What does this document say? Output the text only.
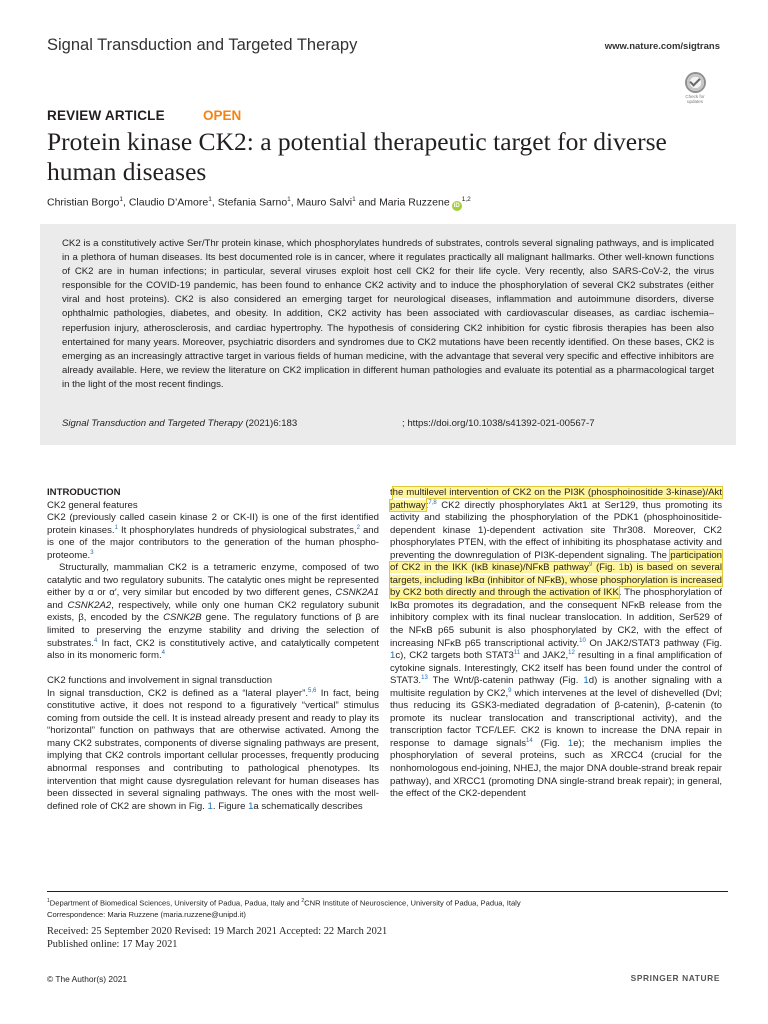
Signal Transduction and Targeted Therapy	www.nature.com/sigtrans
Check for updates
REVIEW ARTICLE	OPEN
Protein kinase CK2: a potential therapeutic target for diverse human diseases
Christian Borgo$^1$, Claudio D’Amore$^1$, Stefania Sarno$^1$, Mauro Salvi$^1$ and Maria Ruzzene iD$^{1,2}$

CK2 is a constitutively active Ser/Thr protein kinase, which phosphorylates hundreds of substrates, controls several signaling pathways, and is implicated in a plethora of human diseases. Its best documented role is in cancer, where it regulates practically all malignant hallmarks. Other well-known functions of CK2 are in human infections; in particular, several viruses exploit host cell CK2 for their life cycle. Very recently, also SARS-CoV-2, the virus responsible for the COVID-19 pandemic, has been found to enhance CK2 activity and to induce the phosphorylation of several CK2 substrates (either viral and host proteins). CK2 is also considered an emerging target for neurological diseases, inflammation and autoimmune disorders, diverse ophthalmic pathologies, diabetes, and obesity. In addition, CK2 activity has been associated with cardiovascular diseases, as cardiac ischemia–reperfusion injury, atherosclerosis, and cardiac hypertrophy. The hypothesis of considering CK2 inhibition for cystic fibrosis therapies has been also entertained for many years. Moreover, psychiatric disorders and syndromes due to CK2 mutations have been recently identified. On these bases, CK2 is emerging as an increasingly attractive target in various fields of human medicine, with the advantage that several very specific and effective inhibitors are already available. Here, we review the literature on CK2 implication in different human pathologies and evaluate its potential as a pharmacological target in the light of the most recent findings.

Signal Transduction and Targeted Therapy (2021)6:183	; https://doi.org/10.1038/s41392-021-00567-7

INTRODUCTION

CK2 general features

CK2 (previously called casein kinase 2 or CK-II) is one of the first identified protein kinases.$^1$ It phosphorylates hundreds of physiological substrates,$^2$ and is one of the major contributors to the generation of the human phospho-proteome.$^3$

Structurally, mammalian CK2 is a tetrameric enzyme, composed of two catalytic and two regulatory subunits. The catalytic ones might be represented either by α or α′, very similar but encoded by two different genes, CSNK2A1 and CSNK2A2, respectively, while only one human CK2 regulatory subunit exists, β, encoded by the CSNK2B gene. The regulatory functions of β are limited to preserving the enzyme stability and driving the selection of substrates.$^4$ In fact, CK2 is constitutively active, and catalytically competent also in its monomeric form.$^4$

CK2 functions and involvement in signal transduction

In signal transduction, CK2 is defined as a “lateral player”.$^{5,6}$ In fact, being constitutive active, it does not respond to a figuratively “vertical” stimulus coming from outside the cell. It is instead already present and ready to play its “horizontal” function on pathways that are otherwise activated. Among the many CK2 substrates, components of diverse signaling pathways are present, implying that CK2 controls important cellular processes, frequently producing abnormal responses and contributing to pathological phenotypes. Its intervention that might cause dysregulation relevant for human diseases has been dissected in several signaling pathways. The ones with the most well-defined role of CK2 are shown in Fig. 1. Figure 1a schematically describes

the multilevel intervention of CK2 on the PI3K (phosphoinositide 3-kinase)/Akt pathway:$^{7,8}$ CK2 directly phosphorylates Akt1 at Ser129, thus promoting its activity and stabilizing the phosphorylation of the PDK1 (phosphoinositide-dependent kinase 1)-dependent activation site Thr308. Moreover, CK2 phosphorylates PTEN, with the effect of inhibiting its phosphatase activity and preventing the downregulation of PI3K-dependent signaling. The participation of CK2 in the IKK (IκB kinase)/NFκB pathway$^9$ (Fig. 1b) is based on several targets, including IκBα (inhibitor of NFκB), whose phosphorylation is increased by CK2 both directly and through the activation of IKK. The phosphorylation of IκBα promotes its degradation, and the consequent NFκB release from the inhibitory complex with its final nuclear translocation. In addition, Ser529 of the NFκB p65 subunit is also phosphorylated by CK2, with the effect of increasing NFκB p65 transcriptional activity.$^{10}$ On JAK2/STAT3 pathway (Fig. 1c), CK2 targets both $STAT3^{11}$ and JAK2,12 resulting in a final amplification of cytokine signals. Interestingly, CK2 itself has been found under the control of STAT3.13 The Wnt/β-catenin pathway (Fig. 1d) is another signaling with a multisite regulation by CK2,$^9$ which intervenes at the level of dishevelled (Dvl; thus reducing its GSK3-mediated degradation of β-catenin), β-catenin (to promote its nuclear translocation and transcriptional activity), and the transcription factor TCF/LEF. CK2 is known to increase the DNA repair in response to damage signals$^{14}$ (Fig. 1e); the mechanism implies the phosphorylation of several proteins, such as XRCC4 (crucial for the nonhomologous end-joining, NHEJ, the major DNA double-strand break repair pathway), and XRCC1 (promoting DNA single-strand break repair); in general, the effect of the CK2-dependent

$^1$Department of Biomedical Sciences, University of Padua, Padua, Italy and $^2$CNR Institute of Neuroscience, University of Padua, Padua, Italy
Correspondence: Maria Ruzzene (maria.ruzzene@unipd.it)
Received: 25 September 2020 Revised: 19 March 2021 Accepted: 22 March 2021
Published online: 17 May 2021
© The Author(s) 2021	SPRINGER NATURE
